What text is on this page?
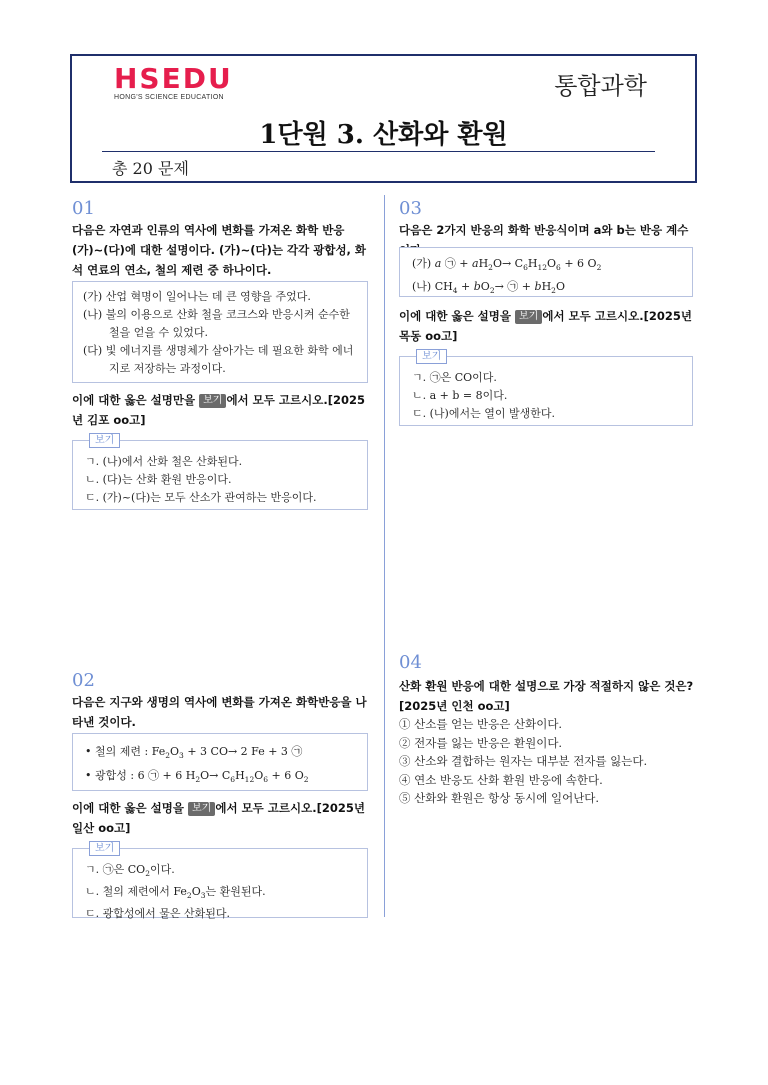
HSEDU
HONG'S SCIENCE EDUCATION	통합과학
1단원 3. 산화와 환원
총 20 문제
01
다음은 자연과 인류의 역사에 변화를 가져온 화학 반응 (가)~(다)에 대한 설명이다. (가)~(다)는 각각 광합성, 화석 연료의 연소, 철의 제련 중 하나이다.
(가) 산업 혁명이 일어나는 데 큰 영향을 주었다.
(나) 불의 이용으로 산화 철을 코크스와 반응시켜 순수한
철을 얻을 수 있었다.
(다) 빛 에너지를 생명체가 살아가는 데 필요한 화학 에너
지로 저장하는 과정이다.
이에 대한 옳은 설명만을 보기 에서 모두 고르시오.[2025년 김포 oo고]
보기
ㄱ. (나)에서 산화 철은 산화된다.
ㄴ. (다)는 산화 환원 반응이다.
ㄷ. (가)~(다)는 모두 산소가 관여하는 반응이다.
02
다음은 지구와 생명의 역사에 변화를 가져온 화학반응을 나타낸 것이다.
• 철의 제련 : $Fe_2O_3 + 3$ CO→ 2 Fe + 3 ㉠
• 광합성 : 6 ㉠ + 6 $H_2O\to C_6H_{12}O_6 + 6$ $O_2$
이에 대한 옳은 설명을 보기 에서 모두 고르시오.[2025년 일산 oo고]
보기
ㄱ. ㉠은 $CO_2$이다.
ㄴ. 철의 제련에서 $Fe_2O_3$는 환원된다.
ㄷ. 광합성에서 물은 산화된다.
03
다음은 2가지 반응의 화학 반응식이며 a와 b는 반응 계수
(가) a ㉠ + $aH_2O\to C_6H_{12}O_6 + 6$ $O_2$
(나) $CH_4 + bO_2\to$ ㉠ + $bH_2O$
이에 대한 옳은 설명을 보기 에서 모두 고르시오.[2025년 목동 oo고]
보기
ㄱ. ㉠은 CO이다.
ㄴ. a + b = 8이다.
ㄷ. (나)에서는 열이 발생한다.
04
산화 환원 반응에 대한 설명으로 가장 적절하지 않은 것은?[2025년 인천 oo고]
① 산소를 얻는 반응은 산화이다.
② 전자를 잃는 반응은 환원이다.
③ 산소와 결합하는 원자는 대부분 전자를 잃는다.
④ 연소 반응도 산화 환원 반응에 속한다.
⑤ 산화와 환원은 항상 동시에 일어난다.
